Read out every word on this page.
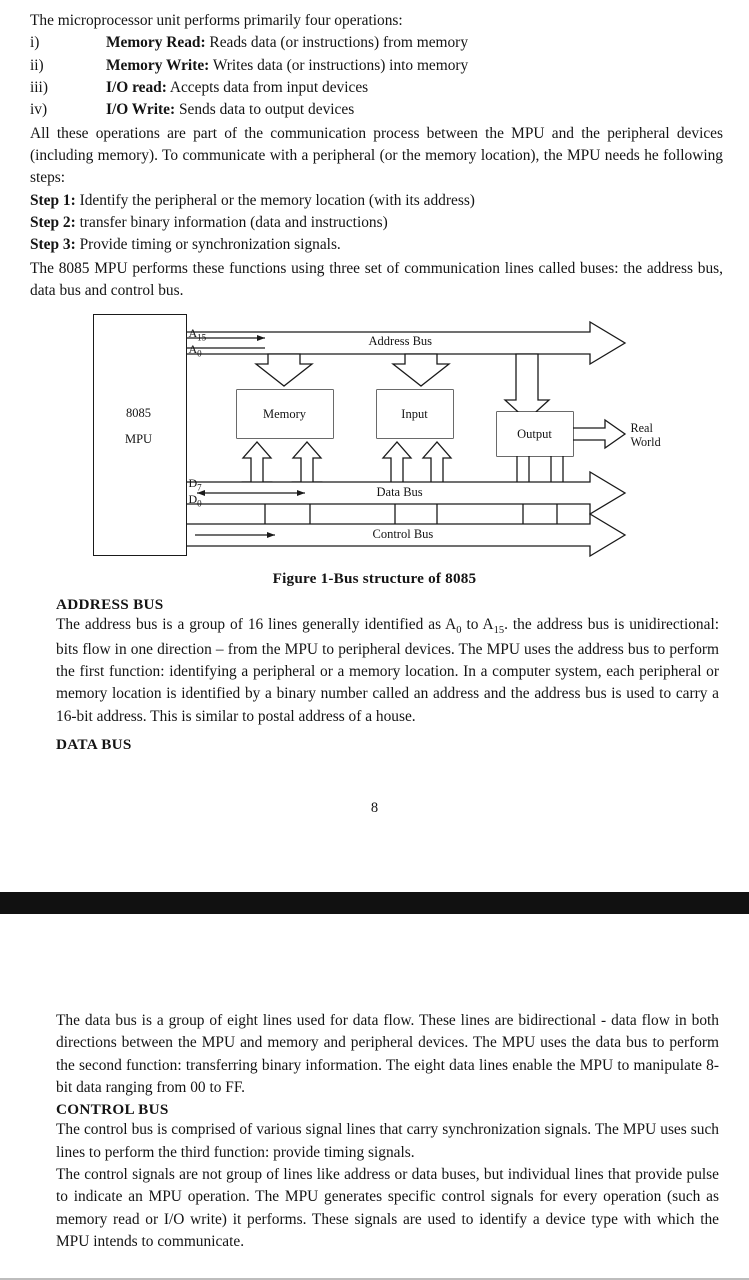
The microprocessor unit performs primarily four operations:
i)	Memory Read: Reads data (or instructions) from memory
ii)	Memory Write: Writes data (or instructions) into memory
iii)	I/O read: Accepts data from input devices
iv)	I/O Write: Sends data to output devices
All these operations are part of the communication process between the MPU and the peripheral devices (including memory). To communicate with a peripheral (or the memory location), the MPU needs he following steps:
Step 1: Identify the peripheral or the memory location (with its address)
Step 2: transfer binary information (data and instructions)
Step 3: Provide timing or synchronization signals.
The 8085 MPU performs these functions using three set of communication lines called buses: the address bus, data bus and control bus.
8085
MPU
$A_{15}$
$A_0$
$D_7$
$D_0$
Memory	Input
Output
Address Bus
Data Bus
Control Bus
Real
World
Figure 1-Bus structure of 8085
ADDRESS BUS
The address bus is a group of 16 lines generally identified as $A_0$ to $A_{15}$. the address bus is unidirectional: bits flow in one direction – from the MPU to peripheral devices. The MPU uses the address bus to perform the first function: identifying a peripheral or a memory location. In a computer system, each peripheral or memory location is identified by a binary number called an address and the address bus is used to carry a 16-bit address. This is similar to postal address of a house.
DATA BUS
8
The data bus is a group of eight lines used for data flow. These lines are bidirectional - data flow in both directions between the MPU and memory and peripheral devices. The MPU uses the data bus to perform the second function: transferring binary information. The eight data lines enable the MPU to manipulate 8- bit data ranging from 00 to FF.
CONTROL BUS
The control bus is comprised of various signal lines that carry synchronization signals. The MPU uses such lines to perform the third function: provide timing signals.
The control signals are not group of lines like address or data buses, but individual lines that provide pulse to indicate an MPU operation. The MPU generates specific control signals for every operation (such as memory read or I/O write) it performs. These signals are used to identify a device type with which the MPU intends to communicate.
